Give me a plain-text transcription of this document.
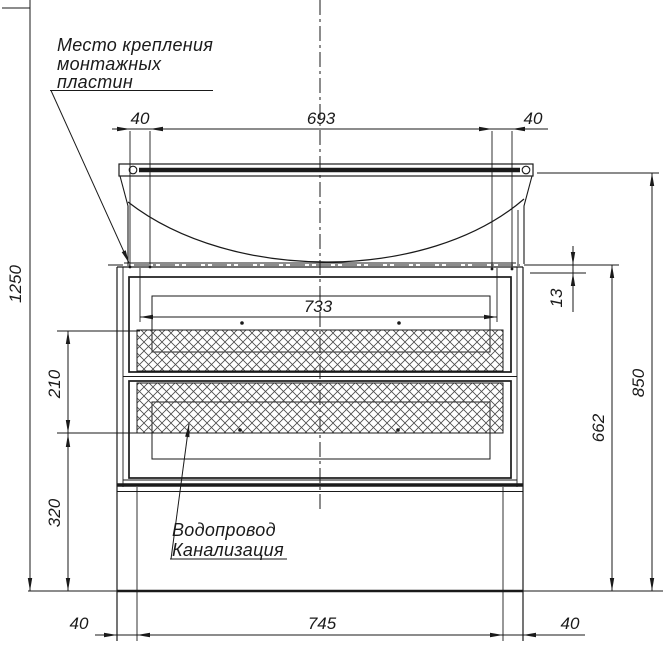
40	693	40
1250
210
320
13
662
850
733
40	745	40
Место крепления
монтажных
пластин
Водопровод
Канализация
